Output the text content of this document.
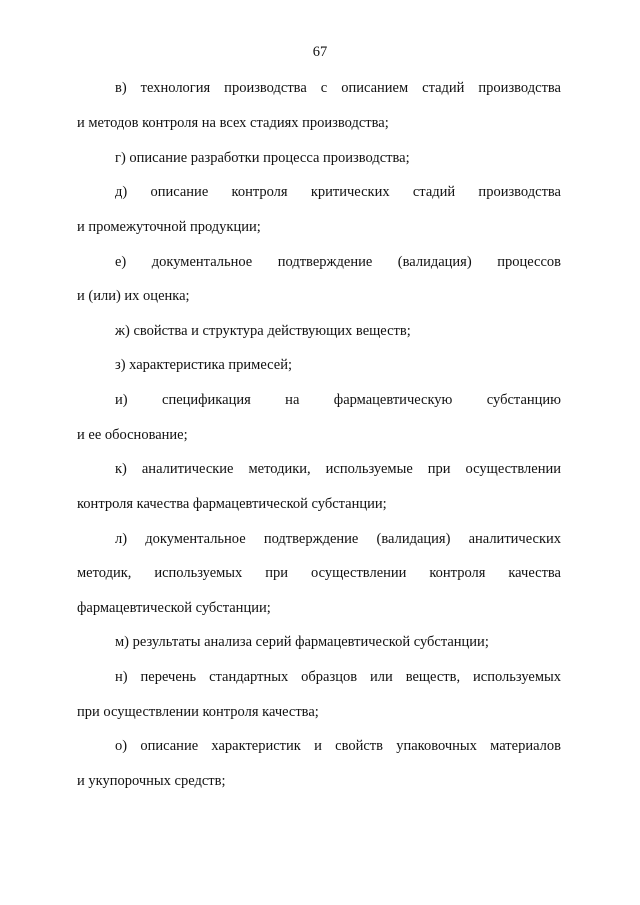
67
в) технология производства с описанием стадий производства
и методов контроля на всех стадиях производства;
г) описание разработки процесса производства;
д) описание контроля критических стадий производства
и промежуточной продукции;
е) документальное подтверждение (валидация) процессов
и (или) их оценка;
ж) свойства и структура действующих веществ;
з) характеристика примесей;
и) спецификация на фармацевтическую субстанцию
и ее обоснование;
к) аналитические методики, используемые при осуществлении
контроля качества фармацевтической субстанции;
л) документальное подтверждение (валидация) аналитических
методик, используемых при осуществлении контроля качества
фармацевтической субстанции;
м) результаты анализа серий фармацевтической субстанции;
н) перечень стандартных образцов или веществ, используемых
при осуществлении контроля качества;
о) описание характеристик и свойств упаковочных материалов
и укупорочных средств;
